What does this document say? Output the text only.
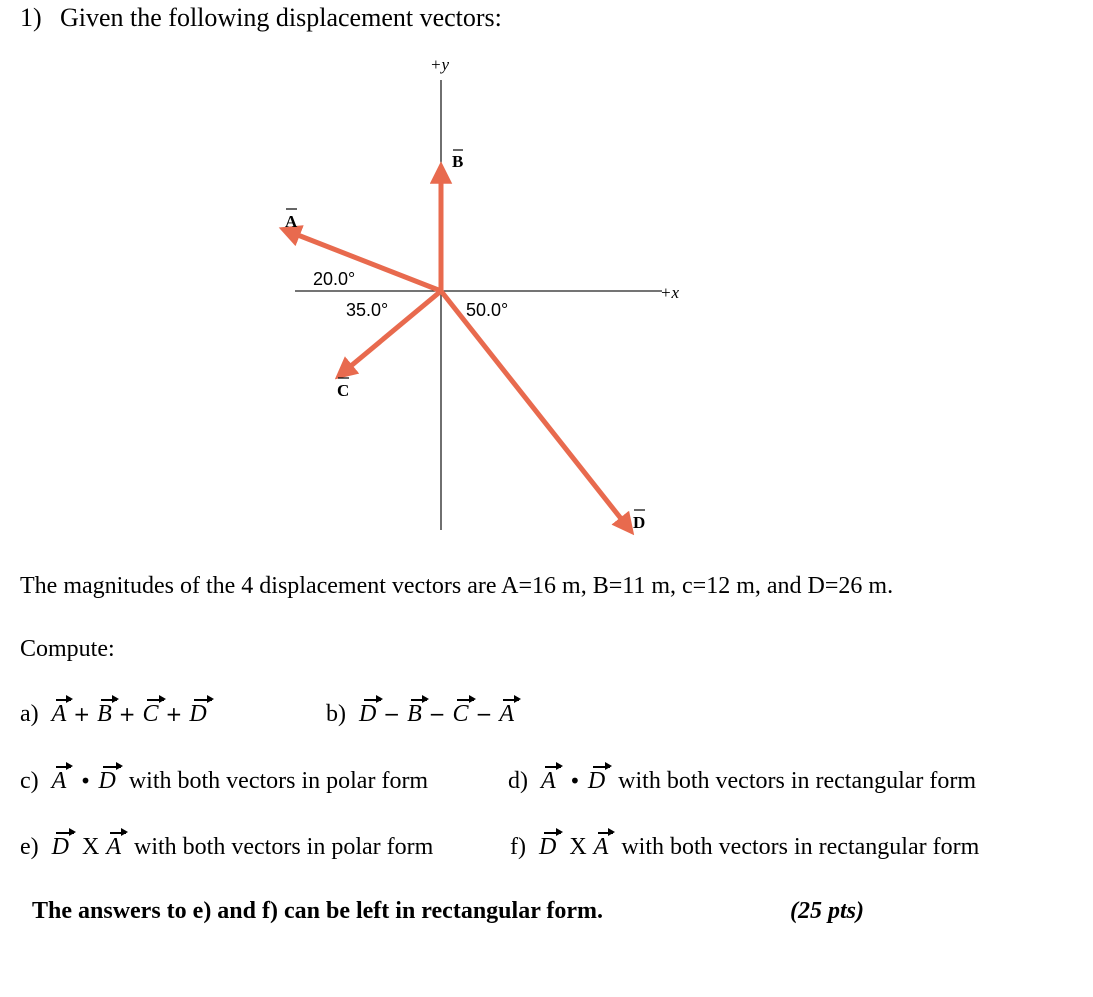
1) Given the following displacement vectors:
+y
+x
B
A
C
D
20.0°
35.0°	50.0°
The magnitudes of the 4 displacement vectors are A=16 m, B=11 m, c=12 m, and D=26 m.
Compute:
a) A + B + C + D	b) D − B − C − A
c) A  • D with both vectors in polar form	d) A  • D with both vectors in rectangular form
e) D  X A with both vectors in polar form	f) D  X A with both vectors in rectangular form
The answers to e) and f) can be left in rectangular form.	(25 pts)
